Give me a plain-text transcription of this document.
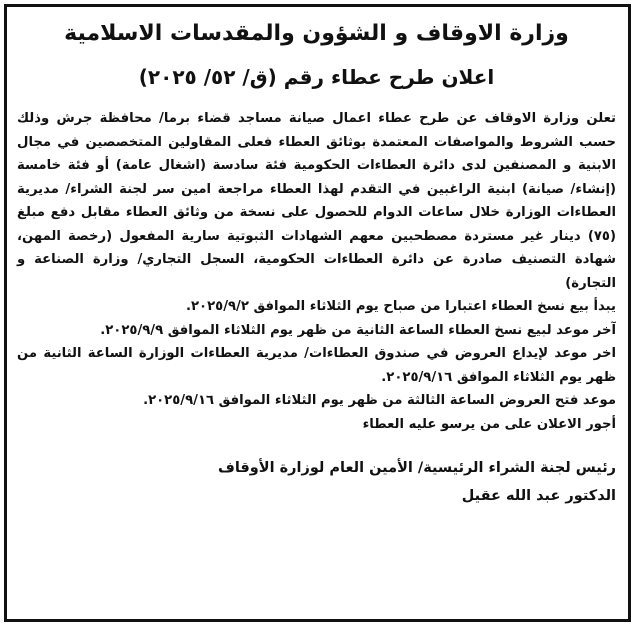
وزارة الاوقاف و الشؤون والمقدسات الاسلامية
اعلان طرح عطاء رقم (ق/ ٥٢/ ٢٠٢٥)

تعلن وزارة الاوقاف عن طرح عطاء اعمال صيانة مساجد قضاء برما/ محافظة جرش وذلك حسب الشروط والمواصفات المعتمدة بوثائق العطاء فعلى المقاولين المتخصصين في مجال الابنية و المصنفين لدى دائرة العطاءات الحكومية فئة سادسة (اشغال عامة) أو فئة خامسة (إنشاء/ صيانة) ابنية الراغبين في التقدم لهذا العطاء مراجعة امين سر لجنة الشراء/ مديرية العطاءات الوزارة خلال ساعات الدوام للحصول على نسخة من وثائق العطاء مقابل دفع مبلغ (٧٥) دينار غير مستردة مصطحبين معهم الشهادات الثبوتية سارية المفعول (رخصة المهن، شهادة التصنيف صادرة عن دائرة العطاءات الحكومية، السجل التجاري/ وزارة الصناعة و التجارة)

يبدأ بيع نسخ العطاء اعتبارا من صباح يوم الثلاثاء الموافق ٢٠٢٥/٩/٢.

آخر موعد لبيع نسخ العطاء الساعة الثانية من ظهر يوم الثلاثاء الموافق ٢٠٢٥/٩/٩.

اخر موعد لإيداع العروض في صندوق العطاءات/ مديرية العطاءات الوزارة الساعة الثانية من ظهر يوم الثلاثاء الموافق ٢٠٢٥/٩/١٦.

موعد فتح العروض الساعة الثالثة من ظهر يوم الثلاثاء الموافق ٢٠٢٥/٩/١٦.

أجور الاعلان على من يرسو عليه العطاء

رئيس لجنة الشراء الرئيسية/ الأمين العام لوزارة الأوقاف
الدكتور عبد الله عقيل
